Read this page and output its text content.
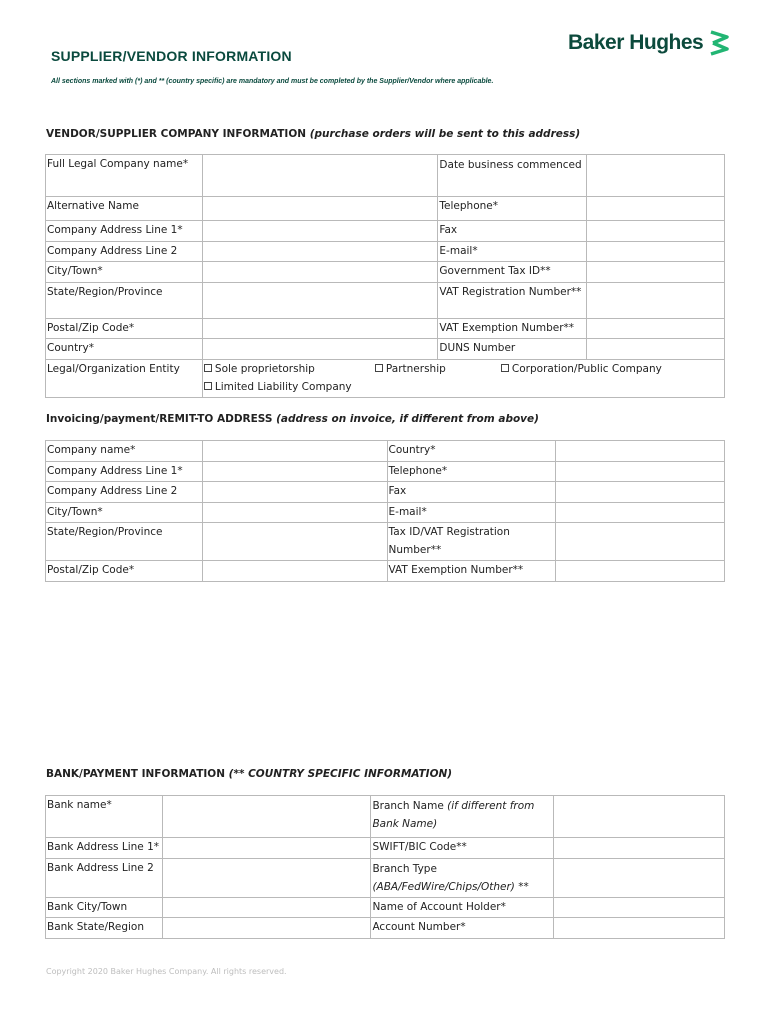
SUPPLIER/VENDOR INFORMATION
All sections marked with (*) and ** (country specific) are mandatory and must be completed by the Supplier/Vendor where applicable.
Baker Hughes
VENDOR/SUPPLIER COMPANY INFORMATION (purchase orders will be sent to this address)
Full Legal Company name*		Date business commenced	
Alternative Name		Telephone*	
Company Address Line 1*		Fax	
Company Address Line 2		E-mail*	
City/Town*		Government Tax ID**	
State/Region/Province		VAT Registration Number**	
Postal/Zip Code*		VAT Exemption Number**	
Country*		DUNS Number	
Legal/Organization Entity	Sole proprietorship Partnership Corporation/Public Company
Limited Liability Company		
Invoicing/payment/REMIT-TO ADDRESS (address on invoice, if different from above)
Company name*		Country*	
Company Address Line 1*		Telephone*	
Company Address Line 2		Fax	
City/Town*		E-mail*	
State/Region/Province		Tax ID/VAT Registration Number**	
Postal/Zip Code*		VAT Exemption Number**	
BANK/PAYMENT INFORMATION (** COUNTRY SPECIFIC INFORMATION)
Bank name*		Branch Name (if different from Bank Name)	
Bank Address Line 1*		SWIFT/BIC Code**	
Bank Address Line 2		Branch Type
(ABA/FedWire/Chips/Other) **	
Bank City/Town		Name of Account Holder*	
Bank State/Region		Account Number*	
Copyright 2020 Baker Hughes Company. All rights reserved.
